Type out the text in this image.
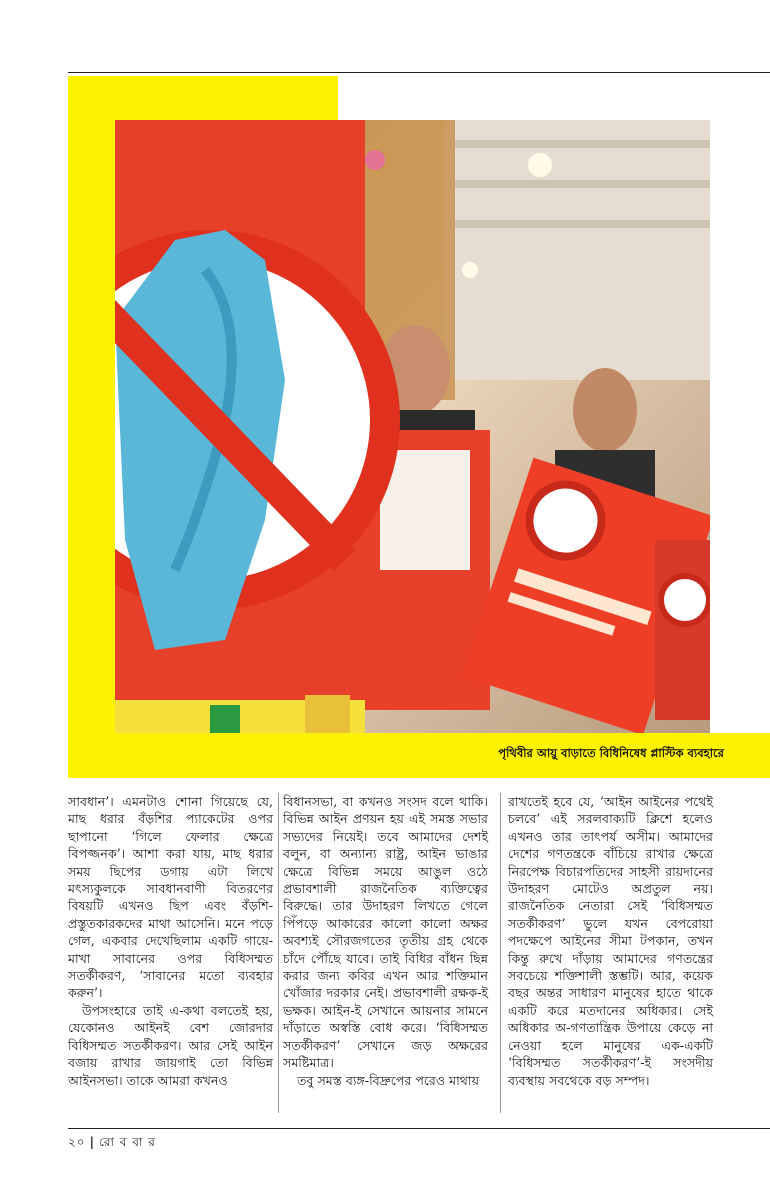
পৃথিবীর আয়ু বাড়াতে বিধিনিষেধ প্লাস্টিক ব্যবহারে

সাবধান’। এমনটাও শোনা গিয়েছে যে, মাছ ধরার বঁড়শির প্যাকেটের ওপর ছাপানো ‘গিলে ফেলার ক্ষেত্রে বিপজ্জনক’। আশা করা যায়, মাছ ধরার সময় ছিপের ডগায় এটা লিখে মৎস্যকুলকে সাবধানবাণী বিতরণের বিষয়টি এখনও ছিপ এবং বঁড়শি-প্রস্তুতকারকদের মাথা আসেনি। মনে পড়ে গেল, একবার দেখেছিলাম একটি গায়ে-মাখা সাবানের ওপর বিধিসম্মত সতর্কীকরণ, ‘সাবানের মতো ব্যবহার করুন’।

উপসংহারে তাই এ-কথা বলতেই হয়, যেকোনও আইনই বেশ জোরদার বিধিসম্মত সতর্কীকরণ। আর সেই আইন বজায় রাখার জায়গাই তো বিভিন্ন আইনসভা। তাকে আমরা কখনও

বিধানসভা, বা কখনও সংসদ বলে থাকি। বিভিন্ন আইন প্রণয়ন হয় এই সমস্ত সভার সভ্যদের নিয়েই। তবে আমাদের দেশই বলুন, বা অন্যান্য রাষ্ট্র, আইন ভাঙার ক্ষেত্রে বিভিন্ন সময়ে আঙুল ওঠে প্রভাবশালী রাজনৈতিক ব্যক্তিত্বের বিরুদ্ধে। তার উদাহরণ লিখতে গেলে পিঁপড়ে আকারের কালো কালো অক্ষর অবশ্যই সৌরজগতের তৃতীয় গ্রহ থেকে চাঁদে পৌঁছে যাবে। তাই বিধির বাঁধন ছিন্ন করার জন্য কবির এখন আর শক্তিমান খোঁজার দরকার নেই। প্রভাবশালী রক্ষক-ই ভক্ষক। আইন-ই সেখানে আয়নার সামনে দাঁড়াতে অস্বস্তি বোধ করে। ‘বিধিসম্মত সতর্কীকরণ’ সেখানে জড় অক্ষরের সমষ্টিমাত্র।

তবু সমস্ত ব্যঙ্গ-বিদ্রুপের পরেও মাথায়

রাখতেই হবে যে, ‘আইন আইনের পথেই চলবে’ এই সরলবাক্যটি ক্লিশে হলেও এখনও তার তাৎপর্য অসীম। আমাদের দেশের গণতন্ত্রকে বাঁচিয়ে রাখার ক্ষেত্রে নিরপেক্ষ বিচারপতিদের সাহসী রায়দানের উদাহরণ মোটেও অপ্রতুল নয়। রাজনৈতিক নেতারা সেই ‘বিধিসম্মত সতর্কীকরণ’ ভুলে যখন বেপরোয়া পদক্ষেপে আইনের সীমা টপকান, তখন কিন্তু রুখে দাঁড়ায় আমাদের গণতন্ত্রের সবচেয়ে শক্তিশালী স্তম্ভটি। আর, কয়েক বছর অন্তর সাধারণ মানুষের হাতে থাকে একটি করে মতদানের অধিকার। সেই অধিকার অ-গণতান্ত্রিক উপায়ে কেড়ে না নেওয়া হলে মানুষের এক-একটি ‘বিধিসম্মত সতর্কীকরণ’-ই সংসদীয় ব্যবস্থায় সবথেকে বড় সম্পদ।

২০ | রো ব বা র
